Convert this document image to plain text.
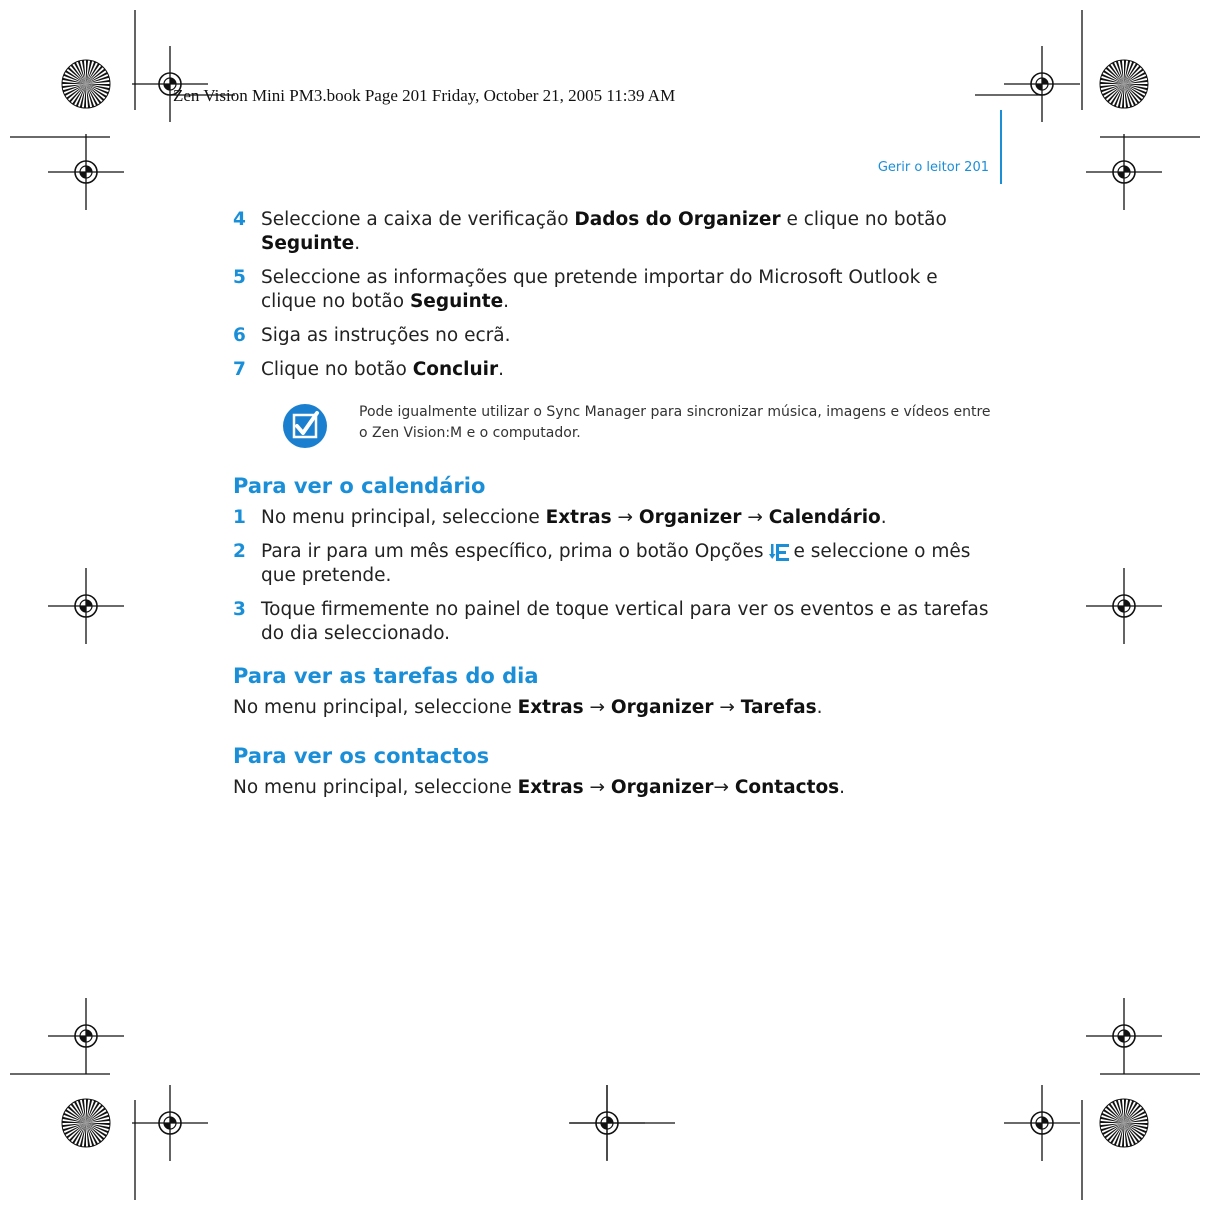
Zen Vision Mini PM3.book Page 201 Friday, October 21, 2005 11:39 AM

Gerir o leitor 201

4 Seleccione a caixa de verificação Dados do Organizer e clique no botão Seguinte.
5 Seleccione as informações que pretende importar do Microsoft Outlook e clique no botão Seguinte.
6 Siga as instruções no ecrã.
7 Clique no botão Concluir.

Pode igualmente utilizar o Sync Manager para sincronizar música, imagens e vídeos entre o Zen Vision:M e o computador.

Para ver o calendário
1 No menu principal, seleccione Extras → Organizer → Calendário.
2 Para ir para um mês específico, prima o botão Opções e seleccione o mês que pretende.
3 Toque firmemente no painel de toque vertical para ver os eventos e as tarefas do dia seleccionado.
Para ver as tarefas do dia

No menu principal, seleccione Extras → Organizer → Tarefas.

Para ver os contactos

No menu principal, seleccione Extras → Organizer→ Contactos.
